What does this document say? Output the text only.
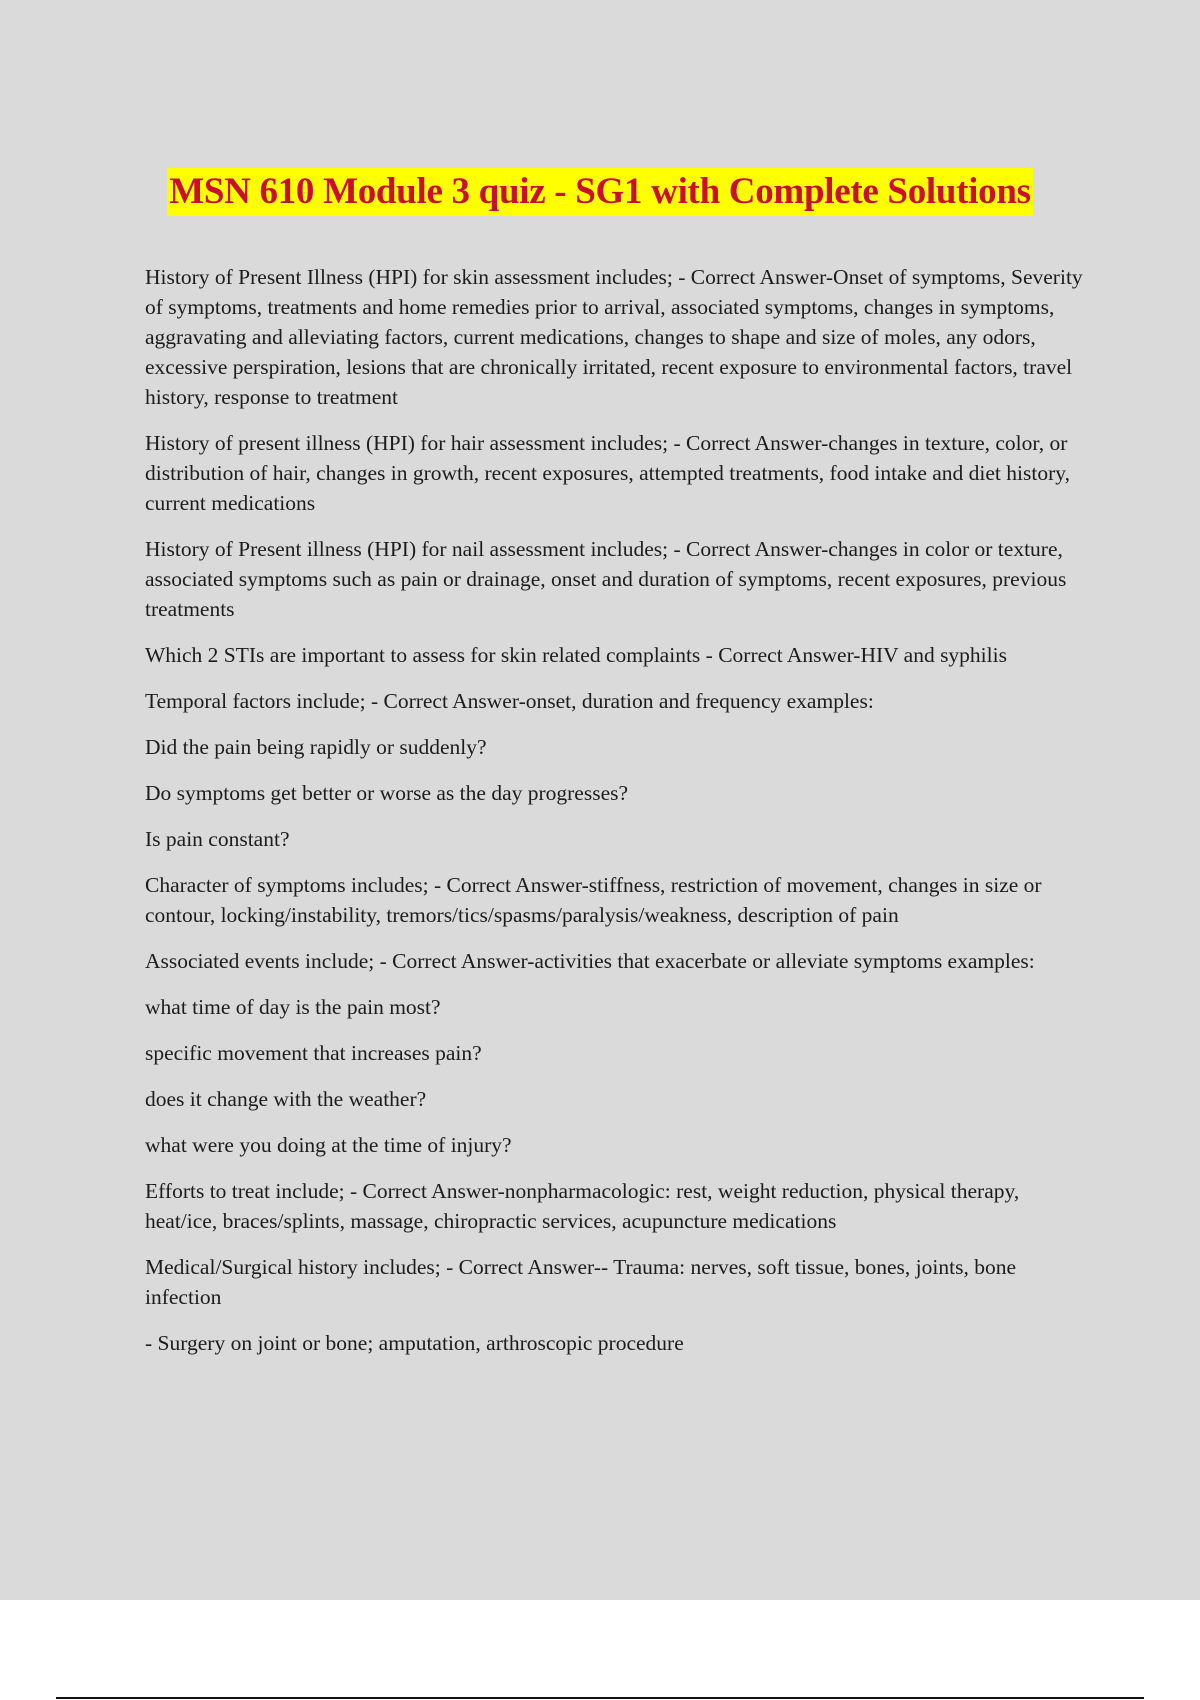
MSN 610 Module 3 quiz - SG1 with Complete Solutions

History of Present Illness (HPI) for skin assessment includes; - Correct Answer-Onset of symptoms, Severity of symptoms, treatments and home remedies prior to arrival, associated symptoms, changes in symptoms, aggravating and alleviating factors, current medications, changes to shape and size of moles, any odors, excessive perspiration, lesions that are chronically irritated, recent exposure to environmental factors, travel history, response to treatment

History of present illness (HPI) for hair assessment includes; - Correct Answer-changes in texture, color, or distribution of hair, changes in growth, recent exposures, attempted treatments, food intake and diet history, current medications

History of Present illness (HPI) for nail assessment includes; - Correct Answer-changes in color or texture, associated symptoms such as pain or drainage, onset and duration of symptoms, recent exposures, previous treatments

Which 2 STIs are important to assess for skin related complaints - Correct Answer-HIV and syphilis

Temporal factors include; - Correct Answer-onset, duration and frequency examples:

Did the pain being rapidly or suddenly?

Do symptoms get better or worse as the day progresses?

Is pain constant?

Character of symptoms includes; - Correct Answer-stiffness, restriction of movement, changes in size or contour, locking/instability, tremors/tics/spasms/paralysis/weakness, description of pain

Associated events include; - Correct Answer-activities that exacerbate or alleviate symptoms examples:

what time of day is the pain most?

specific movement that increases pain?

does it change with the weather?

what were you doing at the time of injury?

Efforts to treat include; - Correct Answer-nonpharmacologic: rest, weight reduction, physical therapy, heat/ice, braces/splints, massage, chiropractic services, acupuncture medications

Medical/Surgical history includes; - Correct Answer-- Trauma: nerves, soft tissue, bones, joints, bone infection

- Surgery on joint or bone; amputation, arthroscopic procedure
